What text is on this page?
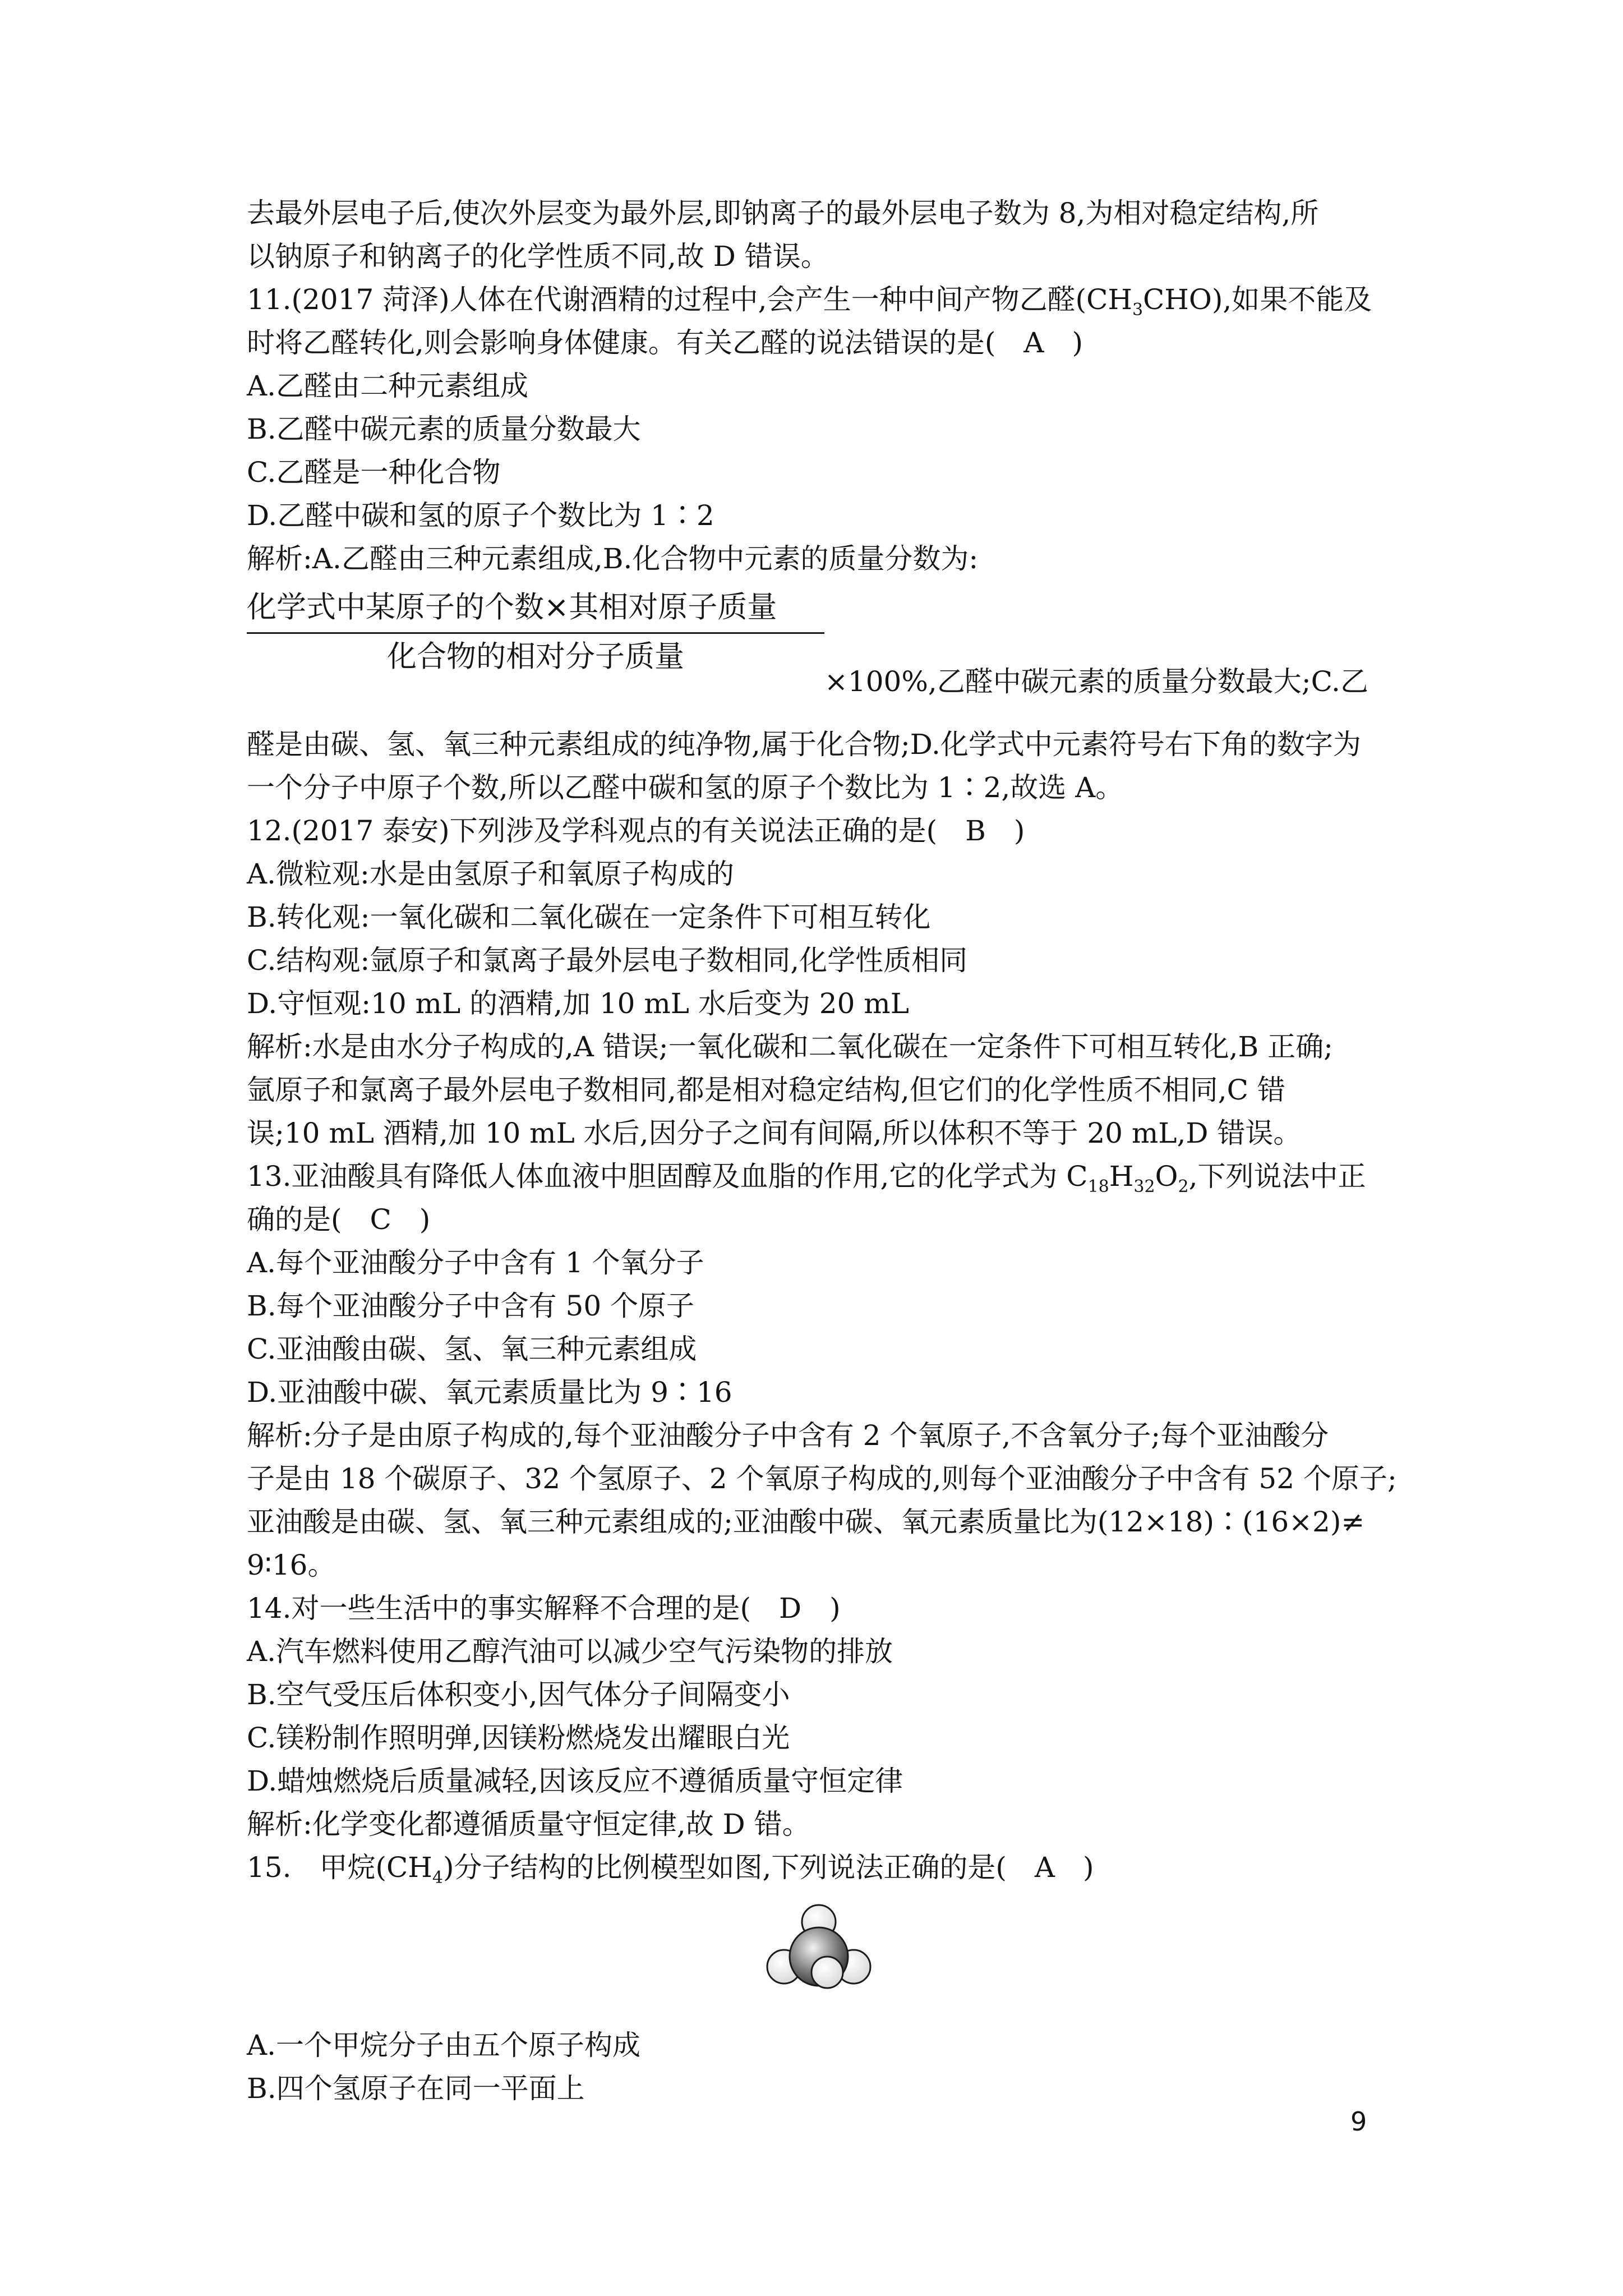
去最外层电子后,使次外层变为最外层,即钠离子的最外层电子数为 8,为相对稳定结构,所
以钠原子和钠离子的化学性质不同,故 D 错误。
11.(2017 菏泽)人体在代谢酒精的过程中,会产生一种中间产物乙醛$(CH_3CHO)$,如果不能及
时将乙醛转化,则会影响身体健康。有关乙醛的说法错误的是(　A　)
A.乙醛由二种元素组成
B.乙醛中碳元素的质量分数最大
C.乙醛是一种化合物
D.乙醛中碳和氢的原子个数比为 1∶2
解析:A.乙醛由三种元素组成,B.化合物中元素的质量分数为:
化学式中某原子的个数×其相对原子质量
化合物的相对分子质量
×100%,乙醛中碳元素的质量分数最大;C.乙
醛是由碳、氢、氧三种元素组成的纯净物,属于化合物;D.化学式中元素符号右下角的数字为
一个分子中原子个数,所以乙醛中碳和氢的原子个数比为 1∶2,故选 A。
12.(2017 泰安)下列涉及学科观点的有关说法正确的是(　B　)
A.微粒观:水是由氢原子和氧原子构成的
B.转化观:一氧化碳和二氧化碳在一定条件下可相互转化
C.结构观:氩原子和氯离子最外层电子数相同,化学性质相同
D.守恒观:10 mL 的酒精,加 10 mL 水后变为 20 mL
解析:水是由水分子构成的,A 错误;一氧化碳和二氧化碳在一定条件下可相互转化,B 正确;
氩原子和氯离子最外层电子数相同,都是相对稳定结构,但它们的化学性质不相同,C 错
误;10 mL 酒精,加 10 mL 水后,因分子之间有间隔,所以体积不等于 20 mL,D 错误。
13.亚油酸具有降低人体血液中胆固醇及血脂的作用,它的化学式为 $C_{18}H_{32}O_2$,下列说法中正
确的是(　C　)
A.每个亚油酸分子中含有 1 个氧分子
B.每个亚油酸分子中含有 50 个原子
C.亚油酸由碳、氢、氧三种元素组成
D.亚油酸中碳、氧元素质量比为 9∶16
解析:分子是由原子构成的,每个亚油酸分子中含有 2 个氧原子,不含氧分子;每个亚油酸分
子是由 18 个碳原子、32 个氢原子、2 个氧原子构成的,则每个亚油酸分子中含有 52 个原子;
亚油酸是由碳、氢、氧三种元素组成的;亚油酸中碳、氧元素质量比为(12×18)∶(16×2)≠
9∶16。
14.对一些生活中的事实解释不合理的是(　D　)
A.汽车燃料使用乙醇汽油可以减少空气污染物的排放
B.空气受压后体积变小,因气体分子间隔变小
C.镁粉制作照明弹,因镁粉燃烧发出耀眼白光
D.蜡烛燃烧后质量减轻,因该反应不遵循质量守恒定律
解析:化学变化都遵循质量守恒定律,故 D 错。
15.　甲烷$(CH_4)$分子结构的比例模型如图,下列说法正确的是(　A　)
A.一个甲烷分子由五个原子构成
B.四个氢原子在同一平面上
9
